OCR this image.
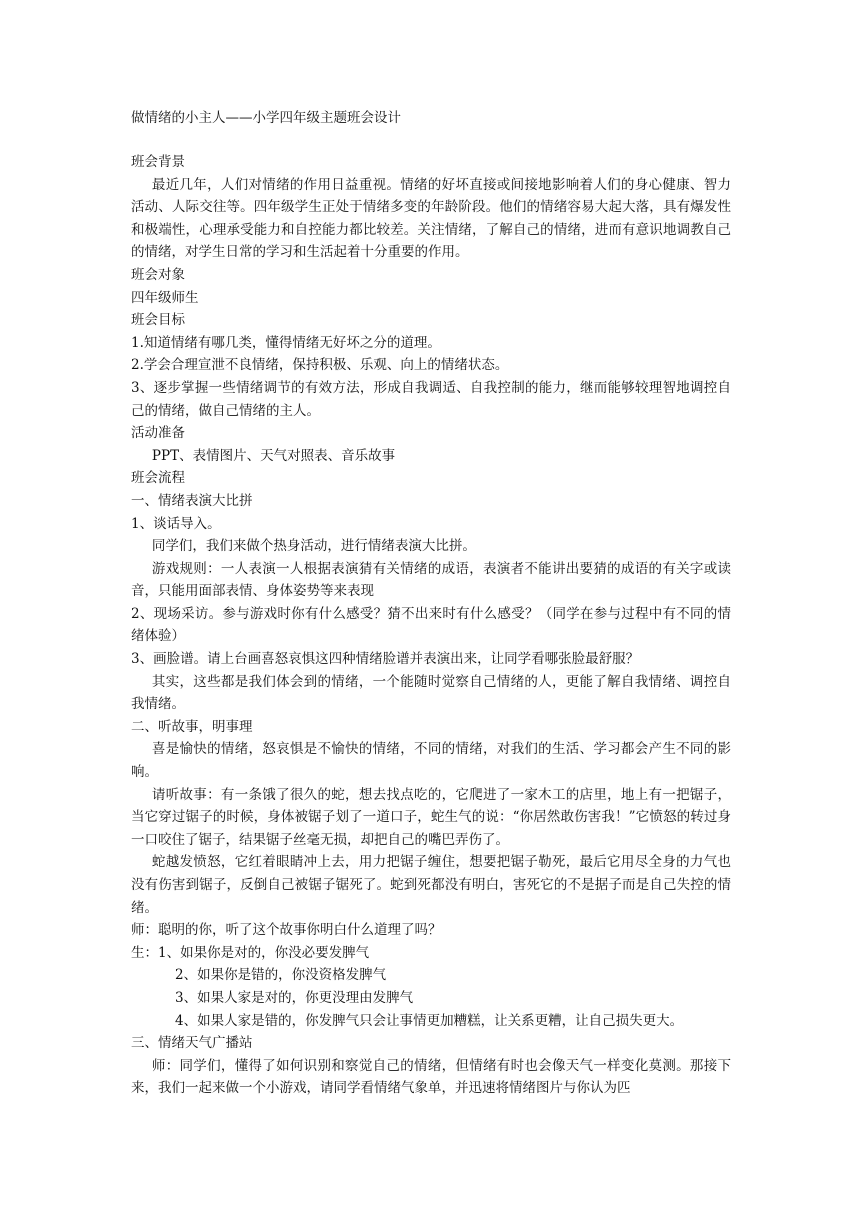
做情绪的小主人——小学四年级主题班会设计

班会背景

最近几年，人们对情绪的作用日益重视。情绪的好坏直接或间接地影响着人们的身心健康、智力活动、人际交往等。四年级学生正处于情绪多变的年龄阶段。他们的情绪容易大起大落，具有爆发性和极端性，心理承受能力和自控能力都比较差。关注情绪，了解自己的情绪，进而有意识地调教自己的情绪，对学生日常的学习和生活起着十分重要的作用。

班会对象

四年级师生

班会目标

1.知道情绪有哪几类，懂得情绪无好坏之分的道理。

2.学会合理宣泄不良情绪，保持积极、乐观、向上的情绪状态。

3、逐步掌握一些情绪调节的有效方法，形成自我调适、自我控制的能力，继而能够较理智地调控自己的情绪，做自己情绪的主人。

活动准备

PPT、表情图片、天气对照表、音乐故事

班会流程

一、情绪表演大比拼

1、谈话导入。

同学们，我们来做个热身活动，进行情绪表演大比拼。

游戏规则：一人表演一人根据表演猜有关情绪的成语，表演者不能讲出要猜的成语的有关字或读音，只能用面部表情、身体姿势等来表现

2、现场采访。参与游戏时你有什么感受？猜不出来时有什么感受？（同学在参与过程中有不同的情绪体验）

3、画脸谱。请上台画喜怒哀惧这四种情绪脸谱并表演出来，让同学看哪张脸最舒服？

其实，这些都是我们体会到的情绪，一个能随时觉察自己情绪的人，更能了解自我情绪、调控自我情绪。

二、听故事，明事理

喜是愉快的情绪，怒哀惧是不愉快的情绪，不同的情绪，对我们的生活、学习都会产生不同的影响。

请听故事：有一条饿了很久的蛇，想去找点吃的，它爬进了一家木工的店里，地上有一把锯子，当它穿过锯子的时候，身体被锯子划了一道口子，蛇生气的说：“你居然敢伤害我！”它愤怒的转过身一口咬住了锯子，结果锯子丝毫无损，却把自己的嘴巴弄伤了。

蛇越发愤怒，它红着眼睛冲上去，用力把锯子缠住，想要把锯子勒死，最后它用尽全身的力气也没有伤害到锯子，反倒自己被锯子锯死了。蛇到死都没有明白，害死它的不是据子而是自己失控的情绪。

师：聪明的你，听了这个故事你明白什么道理了吗？

生：1、如果你是对的，你没必要发脾气

2、如果你是错的，你没资格发脾气

3、如果人家是对的，你更没理由发脾气

4、如果人家是错的，你发脾气只会让事情更加糟糕，让关系更糟，让自己损失更大。

三、情绪天气广播站

师：同学们，懂得了如何识别和察觉自己的情绪，但情绪有时也会像天气一样变化莫测。那接下来，我们一起来做一个小游戏，请同学看情绪气象单，并迅速将情绪图片与你认为匹
